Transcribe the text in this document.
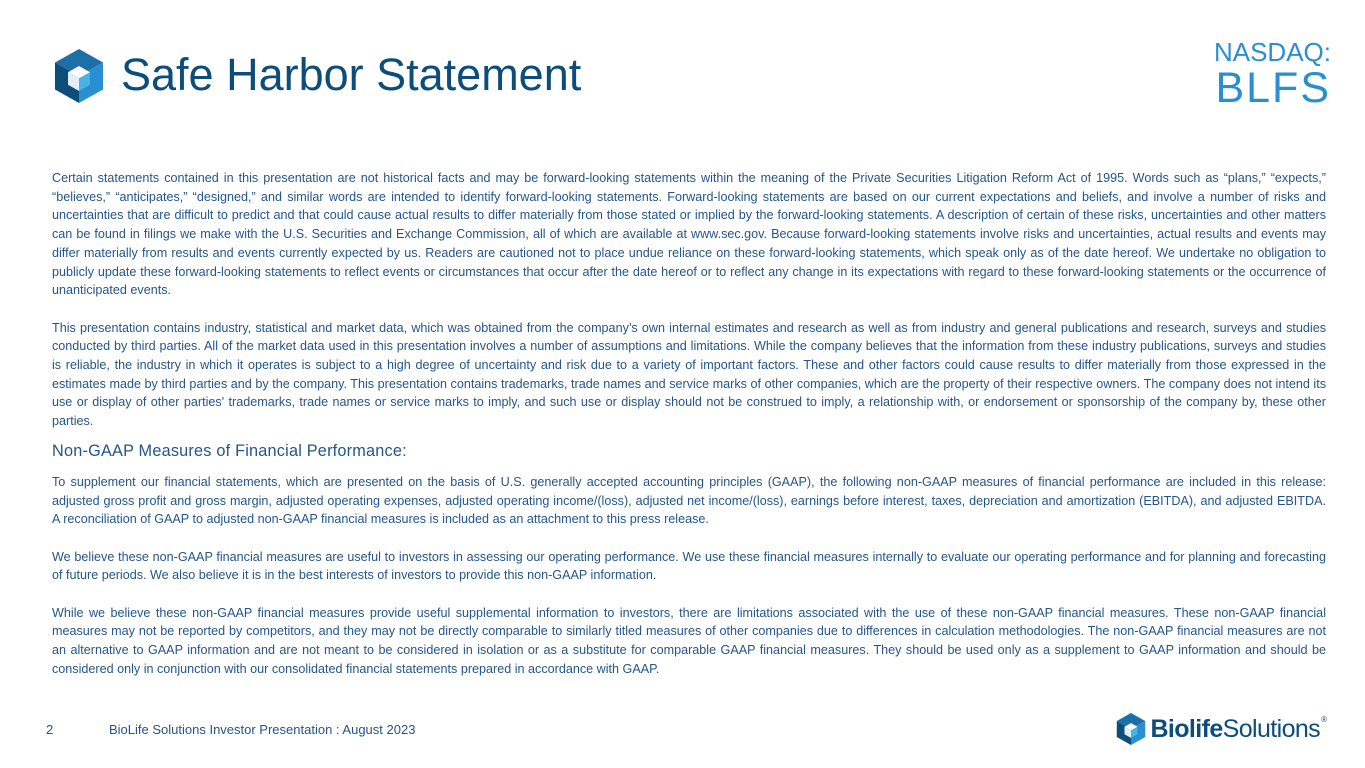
Safe Harbor Statement	NASDAQ:
BLFS

Certain statements contained in this presentation are not historical facts and may be forward-looking statements within the meaning of the Private Securities Litigation Reform Act of 1995. Words such as “plans,” “expects,” “believes,” “anticipates,” “designed,” and similar words are intended to identify forward-looking statements. Forward-looking statements are based on our current expectations and beliefs, and involve a number of risks and uncertainties that are difficult to predict and that could cause actual results to differ materially from those stated or implied by the forward-looking statements. A description of certain of these risks, uncertainties and other matters can be found in filings we make with the U.S. Securities and Exchange Commission, all of which are available at www.sec.gov. Because forward-looking statements involve risks and uncertainties, actual results and events may differ materially from results and events currently expected by us. Readers are cautioned not to place undue reliance on these forward-looking statements, which speak only as of the date hereof. We undertake no obligation to publicly update these forward-looking statements to reflect events or circumstances that occur after the date hereof or to reflect any change in its expectations with regard to these forward-looking statements or the occurrence of unanticipated events.

This presentation contains industry, statistical and market data, which was obtained from the company’s own internal estimates and research as well as from industry and general publications and research, surveys and studies conducted by third parties. All of the market data used in this presentation involves a number of assumptions and limitations. While the company believes that the information from these industry publications, surveys and studies is reliable, the industry in which it operates is subject to a high degree of uncertainty and risk due to a variety of important factors. These and other factors could cause results to differ materially from those expressed in the estimates made by third parties and by the company. This presentation contains trademarks, trade names and service marks of other companies, which are the property of their respective owners. The company does not intend its use or display of other parties' trademarks, trade names or service marks to imply, and such use or display should not be construed to imply, a relationship with, or endorsement or sponsorship of the company by, these other parties.

Non-GAAP Measures of Financial Performance:

To supplement our financial statements, which are presented on the basis of U.S. generally accepted accounting principles (GAAP), the following non-GAAP measures of financial performance are included in this release: adjusted gross profit and gross margin, adjusted operating expenses, adjusted operating income/(loss), adjusted net income/(loss), earnings before interest, taxes, depreciation and amortization (EBITDA), and adjusted EBITDA. A reconciliation of GAAP to adjusted non-GAAP financial measures is included as an attachment to this press release.

We believe these non-GAAP financial measures are useful to investors in assessing our operating performance. We use these financial measures internally to evaluate our operating performance and for planning and forecasting of future periods. We also believe it is in the best interests of investors to provide this non-GAAP information.

While we believe these non-GAAP financial measures provide useful supplemental information to investors, there are limitations associated with the use of these non-GAAP financial measures. These non-GAAP financial measures may not be reported by competitors, and they may not be directly comparable to similarly titled measures of other companies due to differences in calculation methodologies. The non-GAAP financial measures are not an alternative to GAAP information and are not meant to be considered in isolation or as a substitute for comparable GAAP financial measures. They should be used only as a supplement to GAAP information and should be considered only in conjunction with our consolidated financial statements prepared in accordance with GAAP.

2	BioLife Solutions Investor Presentation : August 2023	BiolifeSolutions®
